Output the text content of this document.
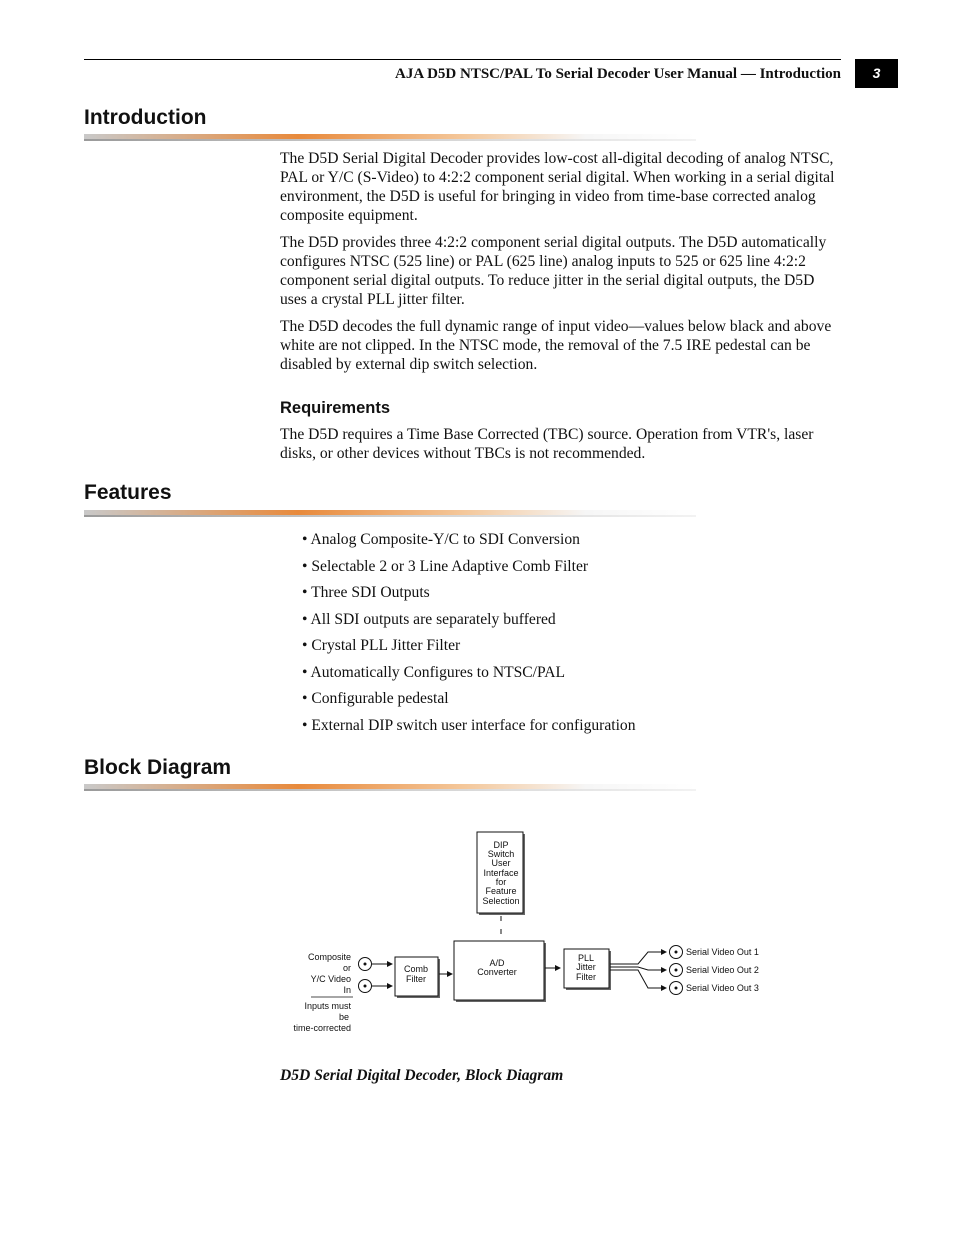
AJA D5D NTSC/PAL To Serial Decoder User Manual — Introduction	3
Introduction

The D5D Serial Digital Decoder provides low-cost all-digital decoding of analog NTSC, PAL or Y/C (S-Video) to 4:2:2 component serial digital. When working in a serial digital environment, the D5D is useful for bringing in video from time-base corrected analog composite equipment.

The D5D provides three 4:2:2 component serial digital outputs. The D5D automatically configures NTSC (525 line) or PAL (625 line) analog inputs to 525 or 625 line 4:2:2 component serial digital outputs. To reduce jitter in the serial digital outputs, the D5D uses a crystal PLL jitter filter.

The D5D decodes the full dynamic range of input video—values below black and above white are not clipped. In the NTSC mode, the removal of the 7.5 IRE pedestal can be disabled by external dip switch selection.

Requirements

The D5D requires a Time Base Corrected (TBC) source. Operation from VTR's, laser disks, or other devices without TBCs is not recommended.

Features
• Analog Composite-Y/C to SDI Conversion
• Selectable 2 or 3 Line Adaptive Comb Filter
• Three SDI Outputs
• All SDI outputs are separately buffered
• Crystal PLL Jitter Filter
• Automatically Configures to NTSC/PAL
• Configurable pedestal
• External DIP switch user interface for configuration
Block Diagram
DIP
Switch
User
Interface
for
Feature
Selection
Composite
or
Y/C Video
In
Inputs must
be
time-corrected
Comb
Filter
A/D
Converter
PLL
Jitter
Filter
Serial Video Out 1
Serial Video Out 2
Serial Video Out 3
D5D Serial Digital Decoder, Block Diagram
